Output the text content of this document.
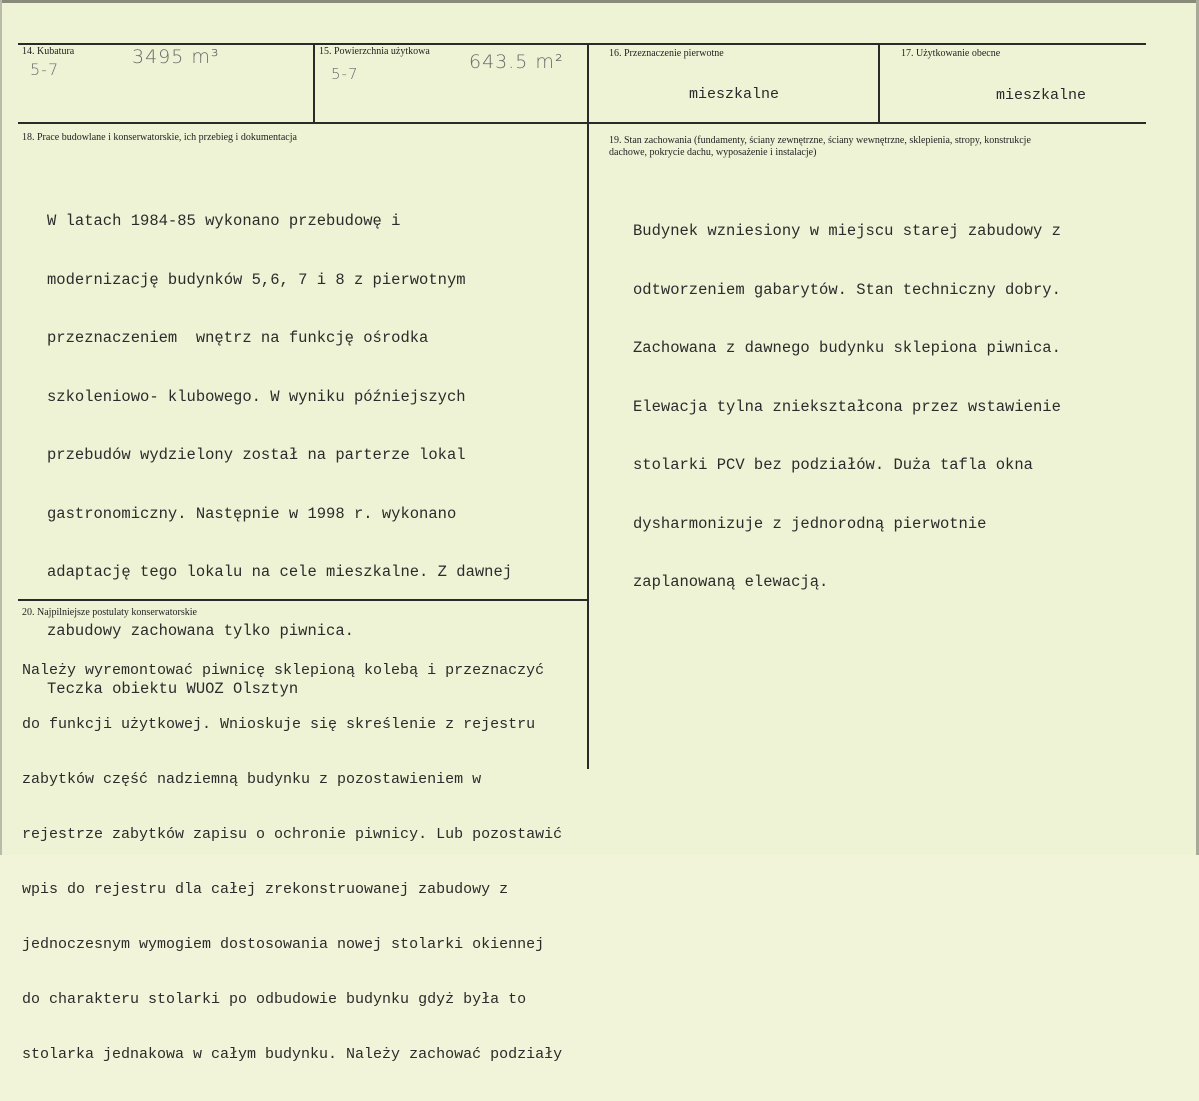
14. Kubatura	3495 m³
5-7
15. Powierzchnia użytkowa 643.5 m²
5-7
16. Przeznaczenie pierwotne
mieszkalne
17. Użytkowanie obecne
mieszkalne
18. Prace budowlane i konserwatorskie, ich przebieg i dokumentacja

W latach 1984-85 wykonano przebudowę i

modernizację budynków 5,6, 7 i 8 z pierwotnym

przeznaczeniem  wnętrz na funkcję ośrodka

szkoleniowo- klubowego. W wyniku późniejszych

przebudów wydzielony został na parterze lokal

gastronomiczny. Następnie w 1998 r. wykonano

adaptację tego lokalu na cele mieszkalne. Z dawnej

zabudowy zachowana tylko piwnica.

Teczka obiektu WUOZ Olsztyn

19. Stan zachowania (fundamenty, ściany zewnętrzne, ściany wewnętrzne, sklepienia, stropy, konstrukcje
dachowe, pokrycie dachu, wyposażenie i instalacje)

Budynek wzniesiony w miejscu starej zabudowy z

odtworzeniem gabarytów. Stan techniczny dobry.

Zachowana z dawnego budynku sklepiona piwnica.

Elewacja tylna zniekształcona przez wstawienie

stolarki PCV bez podziałów. Duża tafla okna

dysharmonizuje z jednorodną pierwotnie

zaplanowaną elewacją.

20. Najpilniejsze postulaty konserwatorskie

Należy wyremontować piwnicę sklepioną kolebą i przeznaczyć

do funkcji użytkowej. Wnioskuje się skreślenie z rejestru

zabytków część nadziemną budynku z pozostawieniem w

rejestrze zabytków zapisu o ochronie piwnicy. Lub pozostawić

wpis do rejestru dla całej zrekonstruowanej zabudowy z

jednoczesnym wymogiem dostosowania nowej stolarki okiennej

do charakteru stolarki po odbudowie budynku gdyż była to

stolarka jednakowa w całym budynku. Należy zachować podziały
